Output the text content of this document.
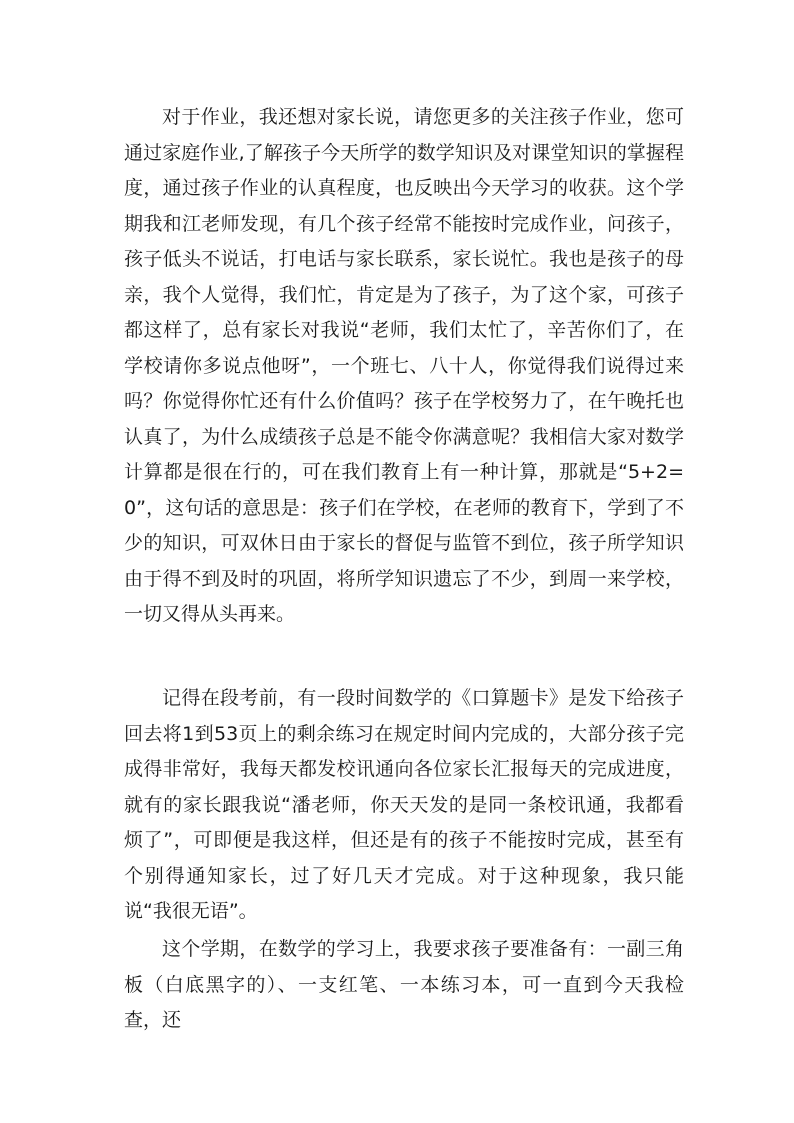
对于作业，我还想对家长说，请您更多的关注孩子作业，您可通过家庭作业,了解孩子今天所学的数学知识及对课堂知识的掌握程度，通过孩子作业的认真程度，也反映出今天学习的收获。这个学期我和江老师发现，有几个孩子经常不能按时完成作业，问孩子，孩子低头不说话，打电话与家长联系，家长说忙。我也是孩子的母亲，我个人觉得，我们忙，肯定是为了孩子，为了这个家，可孩子都这样了，总有家长对我说“老师，我们太忙了，辛苦你们了，在学校请你多说点他呀”，一个班七、八十人，你觉得我们说得过来吗？你觉得你忙还有什么价值吗？孩子在学校努力了，在午晚托也认真了，为什么成绩孩子总是不能令你满意呢？我相信大家对数学计算都是很在行的，可在我们教育上有一种计算，那就是“5+2=0”，这句话的意思是：孩子们在学校，在老师的教育下，学到了不少的知识，可双休日由于家长的督促与监管不到位，孩子所学知识由于得不到及时的巩固，将所学知识遗忘了不少，到周一来学校，一切又得从头再来。

记得在段考前，有一段时间数学的《口算题卡》是发下给孩子回去将1到53页上的剩余练习在规定时间内完成的，大部分孩子完成得非常好，我每天都发校讯通向各位家长汇报每天的完成进度，就有的家长跟我说“潘老师，你天天发的是同一条校讯通，我都看烦了”，可即便是我这样，但还是有的孩子不能按时完成，甚至有个别得通知家长，过了好几天才完成。对于这种现象，我只能说“我很无语”。

这个学期，在数学的学习上，我要求孩子要准备有：一副三角板（白底黑字的）、一支红笔、一本练习本，可一直到今天我检查，还
